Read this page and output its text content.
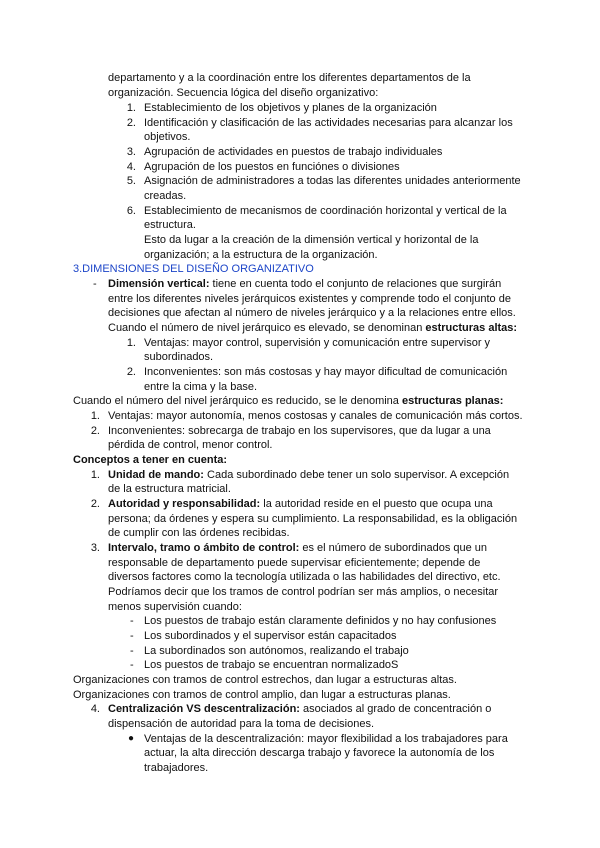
departamento y a la coordinación entre los diferentes departamentos de la
organización. Secuencia lógica del diseño organizativo:
1. Establecimiento de los objetivos y planes de la organización
2. Identificación y clasificación de las actividades necesarias para alcanzar los
objetivos.
3. Agrupación de actividades en puestos de trabajo individuales
4. Agrupación de los puestos en funciónes o divisiones
5. Asignación de administradores a todas las diferentes unidades anteriormente
creadas.
6. Establecimiento de mecanismos de coordinación horizontal y vertical de la
estructura.
Esto da lugar a la creación de la dimensión vertical y horizontal de la
organización; a la estructura de la organización.
3.DIMENSIONES DEL DISEÑO ORGANIZATIVO
- Dimensión vertical: tiene en cuenta todo el conjunto de relaciones que surgirán
entre los diferentes niveles jerárquicos existentes y comprende todo el conjunto de
decisiones que afectan al número de niveles jerárquico y a la relaciones entre ellos.
Cuando el número de nivel jerárquico es elevado, se denominan estructuras altas:
1. Ventajas: mayor control, supervisión y comunicación entre supervisor y
subordinados.
2. Inconvenientes: son más costosas y hay mayor dificultad de comunicación
entre la cima y la base.
Cuando el número del nivel jerárquico es reducido, se le denomina estructuras planas:
1. Ventajas: mayor autonomía, menos costosas y canales de comunicación más cortos.
2. Inconvenientes: sobrecarga de trabajo en los supervisores, que da lugar a una
pérdida de control, menor control.
Conceptos a tener en cuenta:
1. Unidad de mando: Cada subordinado debe tener un solo supervisor. A excepción
de la estructura matricial.
2. Autoridad y responsabilidad: la autoridad reside en el puesto que ocupa una
persona; da órdenes y espera su cumplimiento. La responsabilidad, es la obligación
de cumplir con las órdenes recibidas.
3. Intervalo, tramo o ámbito de control: es el número de subordinados que un
responsable de departamento puede supervisar eficientemente; depende de
diversos factores como la tecnología utilizada o las habilidades del directivo, etc.
Podríamos decir que los tramos de control podrían ser más amplios, o necesitar
menos supervisión cuando:
- Los puestos de trabajo están claramente definidos y no hay confusiones
- Los subordinados y el supervisor están capacitados
- La subordinados son autónomos, realizando el trabajo
- Los puestos de trabajo se encuentran normalizadoS
Organizaciones con tramos de control estrechos, dan lugar a estructuras altas.
Organizaciones con tramos de control amplio, dan lugar a estructuras planas.
4. Centralización VS descentralización: asociados al grado de concentración o
dispensación de autoridad para la toma de decisiones.
● Ventajas de la descentralización: mayor flexibilidad a los trabajadores para
actuar, la alta dirección descarga trabajo y favorece la autonomía de los
trabajadores.
